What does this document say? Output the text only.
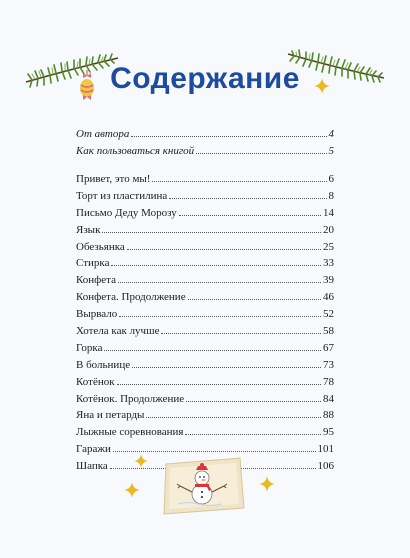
Содержание
От автора	4
Как пользоваться книгой	5
Привет, это мы!	6
Торт из пластилина	8
Письмо Деду Морозу	14
Язык	20
Обезьянка	25
Стирка	33
Конфета	39
Конфета. Продолжение	46
Вырвало	52
Хотела как лучше	58
Горка	67
В больнице	73
Котёнок	78
Котёнок. Продолжение	84
Яна и петарды	88
Лыжные соревнования	95
Гаражи	101
Шапка	106
